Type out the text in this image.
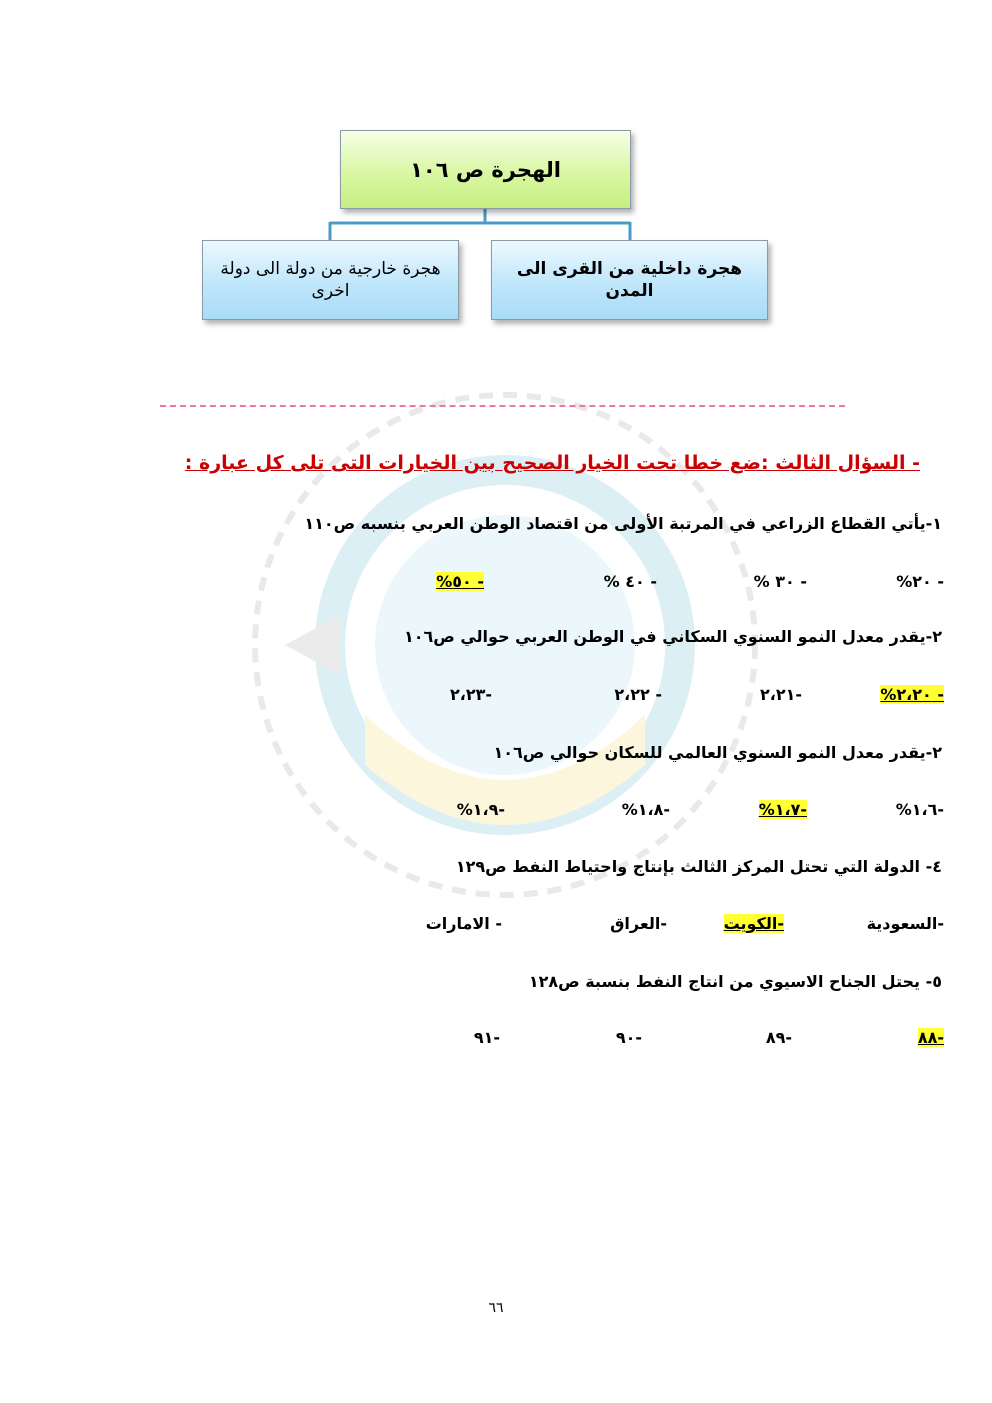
الهجرة ص ١٠٦
هجرة داخلية من القرى الى المدن
هجرة خارجية من دولة الى دولة اخرى
- السؤال الثالث :ضع خطا تحت الخيار الصحيح بين الخيارات التى تلى كل عبارة :
١-يأتي القطاع الزراعي في المرتبة الأولى من اقتصاد الوطن العربي بنسبه ص١١٠
- ٢٠%
- ٣٠ %
- ٤٠ %
- ٥٠%
٢-يقدر معدل النمو السنوي السكاني في الوطن العربي حوالي ص١٠٦
- ٢،٢٠%
-٢،٢١
- ٢،٢٢
-٢،٢٣
٢-يقدر معدل النمو السنوي العالمي للسكان حوالي ص١٠٦
-١،٦%
-١،٧%
-١،٨%
-١،٩%
٤- الدولة التي تحتل المركز الثالث بإنتاج واحتياط النفط ص١٢٩
-السعودية
-الكويت
-العراق
- الامارات
٥- يحتل الجناح الاسيوي من انتاج النفط بنسبة ص١٢٨
-٨٨
-٨٩
-٩٠
-٩١
٦٦
